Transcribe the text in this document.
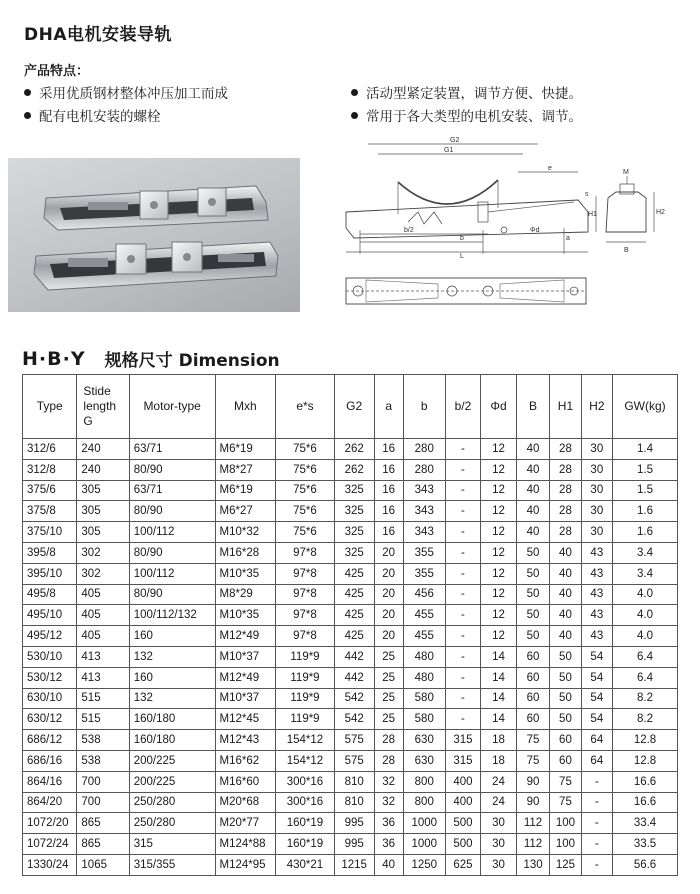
DHA电机安装导轨
产品特点：
采用优质钢材整体冲压加工而成
配有电机安装的螺栓
活动型紧定装置，调节方便、快捷。
常用于各大类型的电机安装、调节。
G2
G1
e
b/2
b
L
Φd
a
s
M
H1	H2
B
H·B·Y 规格尺寸 Dimension
Type	Stide length G	Motor-type	Mxh	e*s	G2	a	b	b/2	Φd	B	H1	H2	GW(kg)
312/6	240	63/71	M6*19	75*6	262	16	280	-	12	40	28	30	1.4
312/8	240	80/90	M8*27	75*6	262	16	280	-	12	40	28	30	1.5
375/6	305	63/71	M6*19	75*6	325	16	343	-	12	40	28	30	1.5
375/8	305	80/90	M6*27	75*6	325	16	343	-	12	40	28	30	1.6
375/10	305	100/112	M10*32	75*6	325	16	343	-	12	40	28	30	1.6
395/8	302	80/90	M16*28	97*8	325	20	355	-	12	50	40	43	3.4
395/10	302	100/112	M10*35	97*8	425	20	355	-	12	50	40	43	3.4
495/8	405	80/90	M8*29	97*8	425	20	456	-	12	50	40	43	4.0
495/10	405	100/112/132	M10*35	97*8	425	20	455	-	12	50	40	43	4.0
495/12	405	160	M12*49	97*8	425	20	455	-	12	50	40	43	4.0
530/10	413	132	M10*37	119*9	442	25	480	-	14	60	50	54	6.4
530/12	413	160	M12*49	119*9	442	25	480	-	14	60	50	54	6.4
630/10	515	132	M10*37	119*9	542	25	580	-	14	60	50	54	8.2
630/12	515	160/180	M12*45	119*9	542	25	580	-	14	60	50	54	8.2
686/12	538	160/180	M12*43	154*12	575	28	630	315	18	75	60	64	12.8
686/16	538	200/225	M16*62	154*12	575	28	630	315	18	75	60	64	12.8
864/16	700	200/225	M16*60	300*16	810	32	800	400	24	90	75	-	16.6
864/20	700	250/280	M20*68	300*16	810	32	800	400	24	90	75	-	16.6
1072/20	865	250/280	M20*77	160*19	995	36	1000	500	30	112	100	-	33.4
1072/24	865	315	M124*88	160*19	995	36	1000	500	30	112	100	-	33.5
1330/24	1065	315/355	M124*95	430*21	1215	40	1250	625	30	130	125	-	56.6
